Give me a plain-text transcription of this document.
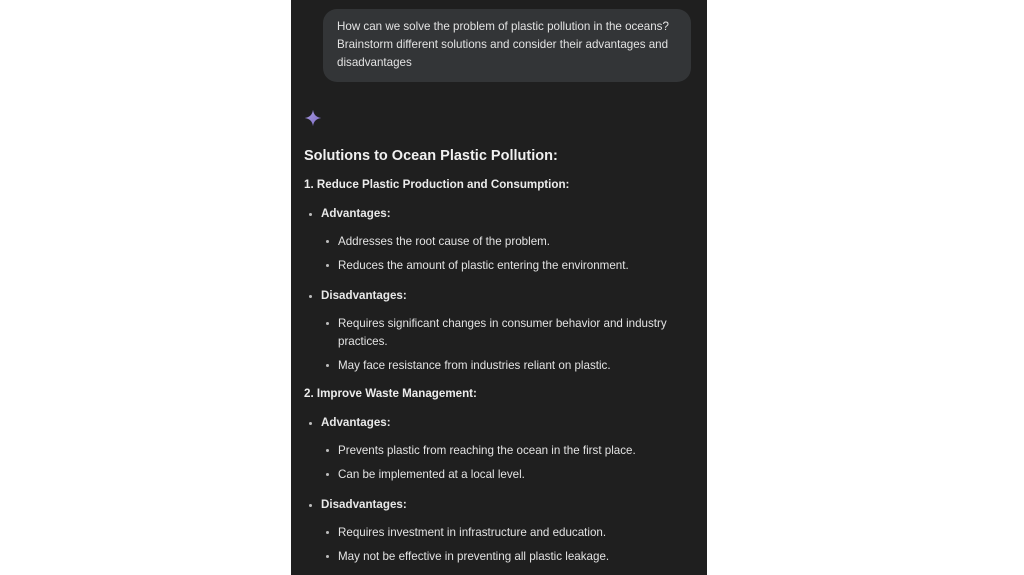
How can we solve the problem of plastic pollution in the oceans? Brainstorm different solutions and consider their advantages and disadvantages
Solutions to Ocean Plastic Pollution:
1. Reduce Plastic Production and Consumption:
Advantages:
Addresses the root cause of the problem.
Reduces the amount of plastic entering the environment.
Disadvantages:
Requires significant changes in consumer behavior and industry practices.
May face resistance from industries reliant on plastic.
2. Improve Waste Management:
Advantages:
Prevents plastic from reaching the ocean in the first place.
Can be implemented at a local level.
Disadvantages:
Requires investment in infrastructure and education.
May not be effective in preventing all plastic leakage.
